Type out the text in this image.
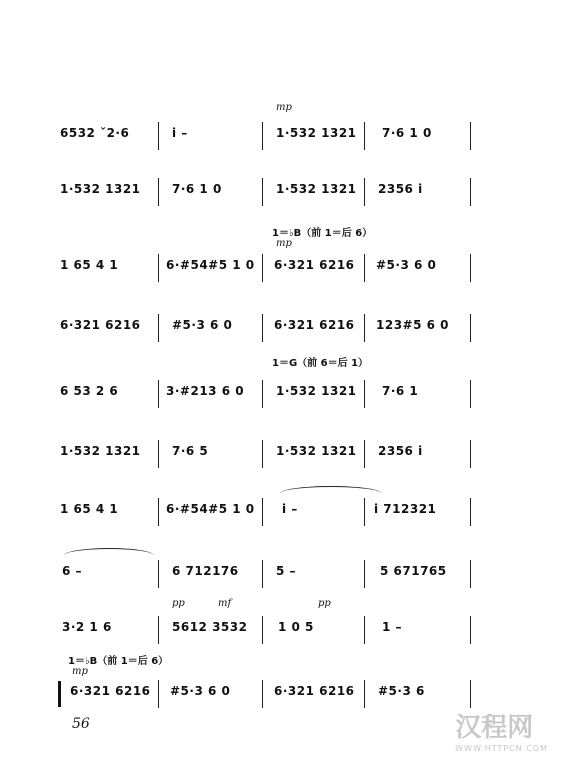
mp
6532 ˇ2·6	i –	1·532 1321 7·6 1 0
1·532 1321	7·6 1 0	1·532 1321 2356 i
1＝♭B（前 1＝后 6）
mp
1 65 4 1	6·#54#5 1 0 6·321 6216 #5·3 6 0
6·321 6216	#5·3 6 0	6·321 6216 123#5 6 0
1＝G（前 6＝后 1）
6 53 2 6	3·#213 6 0	1·532 1321 7·6 1
1·532 1321	7·6 5	1·532 1321 2356 i
1 65 4 1	6·#54#5 1 0 i –	i 712321
6 –	6 712176	5 –	5 671765
pp	mf	pp
3·2 1 6	5612 3532	1 0 5	1 –
1＝♭B（前 1＝后 6）
mp
6·321 6216 #5·3 6 0	6·321 6216 #5·3 6
56	汉程网
WWW.HTTPCN.COM
